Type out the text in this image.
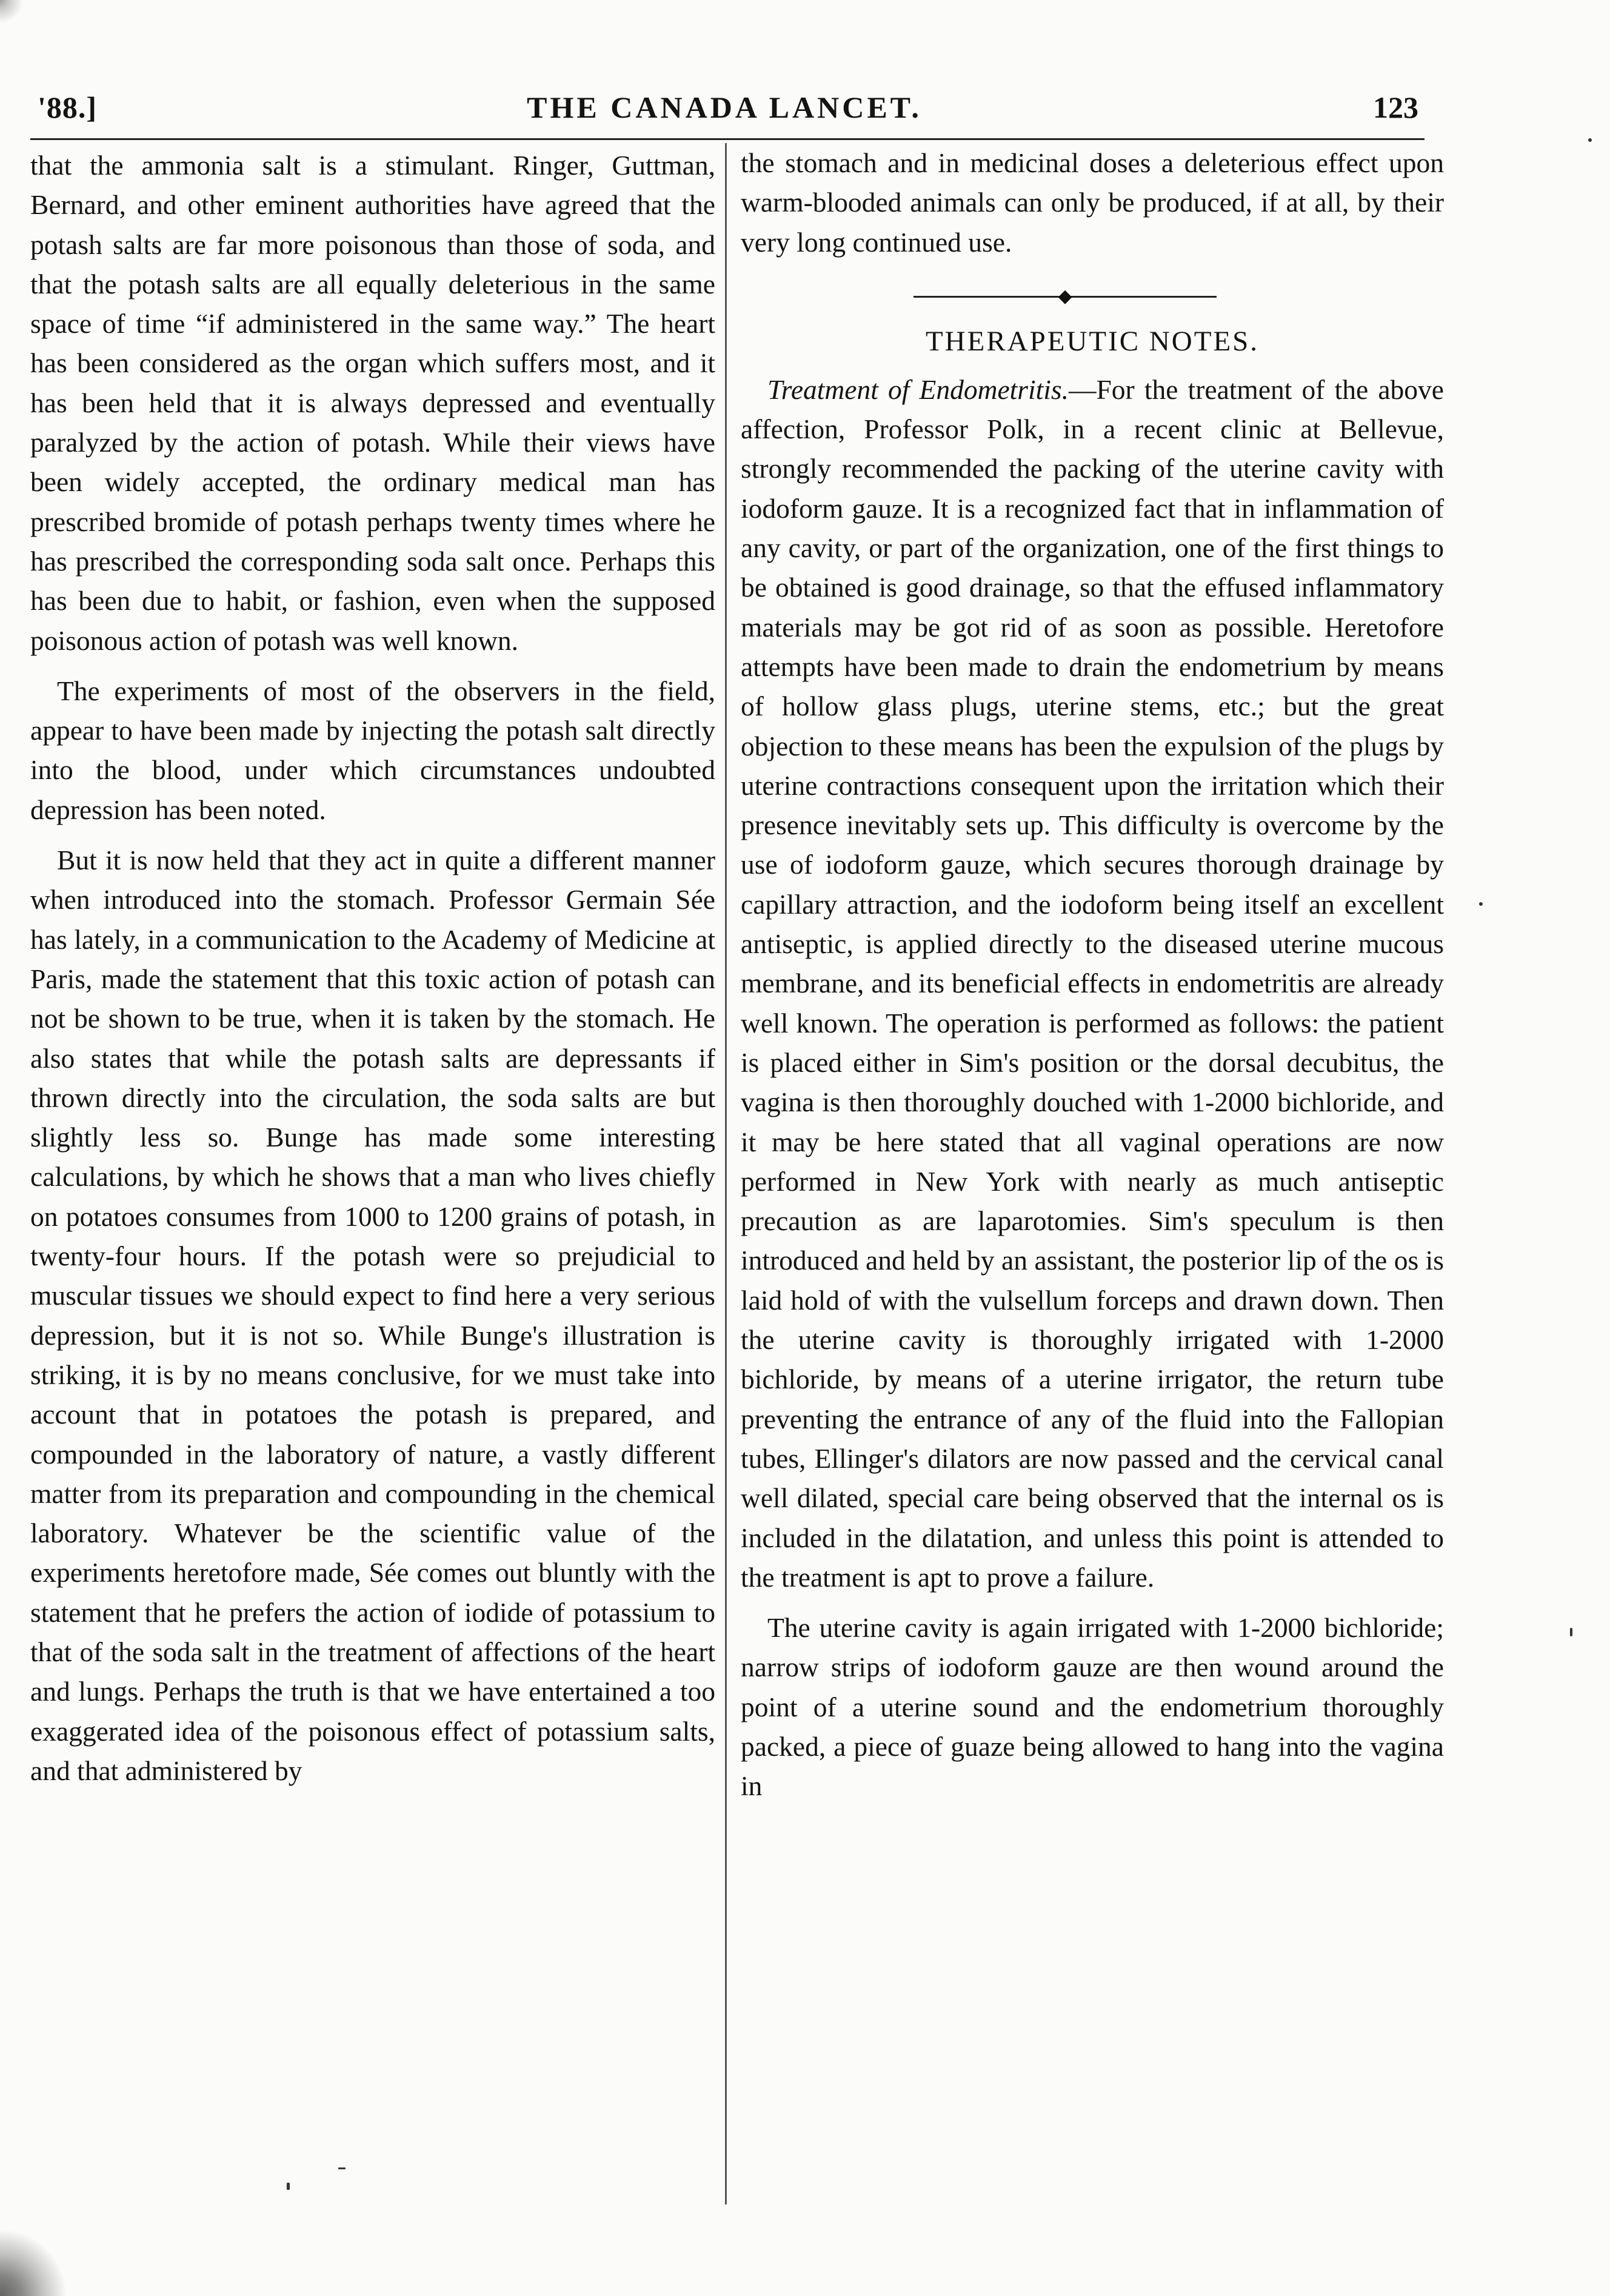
'88.]	THE CANADA LANCET.	123

that the ammonia salt is a stimulant. Ringer, Guttman, Bernard, and other eminent authorities have agreed that the potash salts are far more poisonous than those of soda, and that the potash salts are all equally deleterious in the same space of time “if administered in the same way.” The heart has been considered as the organ which suffers most, and it has been held that it is always depressed and eventually paralyzed by the action of potash. While their views have been widely accepted, the ordinary medical man has prescribed bromide of potash perhaps twenty times where he has prescribed the corresponding soda salt once. Perhaps this has been due to habit, or fashion, even when the supposed poisonous action of potash was well known.

The experiments of most of the observers in the field, appear to have been made by injecting the potash salt directly into the blood, under which circumstances undoubted depression has been noted.

But it is now held that they act in quite a different manner when introduced into the stomach. Professor Germain Sée has lately, in a communication to the Academy of Medicine at Paris, made the statement that this toxic action of potash can not be shown to be true, when it is taken by the stomach. He also states that while the potash salts are depressants if thrown directly into the circulation, the soda salts are but slightly less so. Bunge has made some interesting calculations, by which he shows that a man who lives chiefly on potatoes consumes from 1000 to 1200 grains of potash, in twenty-four hours. If the potash were so prejudicial to muscular tissues we should expect to find here a very serious depression, but it is not so. While Bunge's illustration is striking, it is by no means conclusive, for we must take into account that in potatoes the potash is prepared, and compounded in the laboratory of nature, a vastly different matter from its preparation and compounding in the chemical laboratory. Whatever be the scientific value of the experiments heretofore made, Sée comes out bluntly with the statement that he prefers the action of iodide of potassium to that of the soda salt in the treatment of affections of the heart and lungs. Perhaps the truth is that we have entertained a too exaggerated idea of the poisonous effect of potassium salts, and that administered by

the stomach and in medicinal doses a deleterious effect upon warm-blooded animals can only be produced, if at all, by their very long continued use.

◆
THERAPEUTIC NOTES.

Treatment of Endometritis.—For the treatment of the above affection, Professor Polk, in a recent clinic at Bellevue, strongly recommended the packing of the uterine cavity with iodoform gauze. It is a recognized fact that in inflammation of any cavity, or part of the organization, one of the first things to be obtained is good drainage, so that the effused inflammatory materials may be got rid of as soon as possible. Heretofore attempts have been made to drain the endometrium by means of hollow glass plugs, uterine stems, etc.; but the great objection to these means has been the expulsion of the plugs by uterine contractions consequent upon the irritation which their presence inevitably sets up. This difficulty is overcome by the use of iodoform gauze, which secures thorough drainage by capillary attraction, and the iodoform being itself an excellent antiseptic, is applied directly to the diseased uterine mucous membrane, and its beneficial effects in endometritis are already well known. The operation is performed as follows: the patient is placed either in Sim's position or the dorsal decubitus, the vagina is then thoroughly douched with 1-2000 bichloride, and it may be here stated that all vaginal operations are now performed in New York with nearly as much antiseptic precaution as are laparotomies. Sim's speculum is then introduced and held by an assistant, the posterior lip of the os is laid hold of with the vulsellum forceps and drawn down. Then the uterine cavity is thoroughly irrigated with 1-2000 bichloride, by means of a uterine irrigator, the return tube preventing the entrance of any of the fluid into the Fallopian tubes, Ellinger's dilators are now passed and the cervical canal well dilated, special care being observed that the internal os is included in the dilatation, and unless this point is attended to the treatment is apt to prove a failure.

The uterine cavity is again irrigated with 1-2000 bichloride; narrow strips of iodoform gauze are then wound around the point of a uterine sound and the endometrium thoroughly packed, a piece of guaze being allowed to hang into the vagina in
